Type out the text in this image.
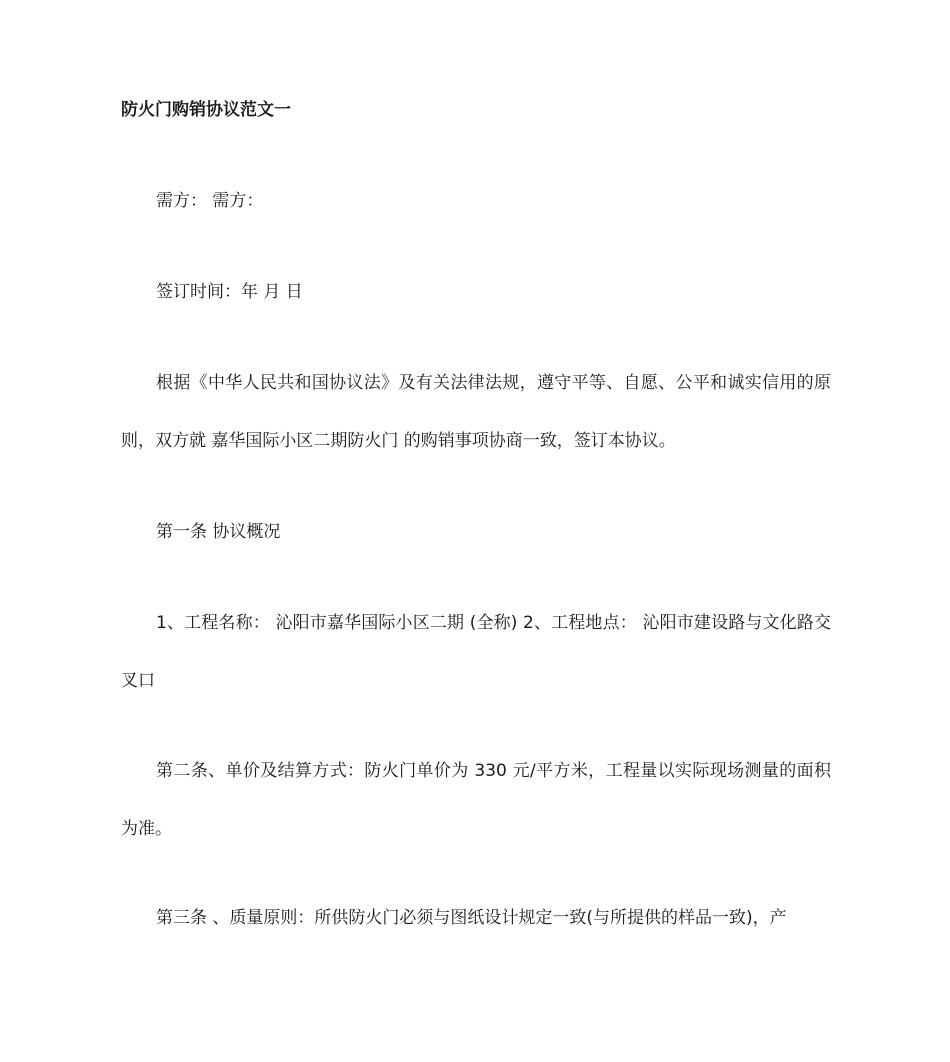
防火门购销协议范文一

需方： 需方：

签订时间：年 月 日

根据《中华人民共和国协议法》及有关法律法规，遵守平等、自愿、公平和诚实信用的原则，双方就 嘉华国际小区二期防火门 的购销事项协商一致，签订本协议。

第一条 协议概况

1、工程名称： 沁阳市嘉华国际小区二期 (全称) 2、工程地点： 沁阳市建设路与文化路交叉口

第二条、单价及结算方式：防火门单价为 330 元/平方米，工程量以实际现场测量的面积为准。

第三条 、质量原则：所供防火门必须与图纸设计规定一致(与所提供的样品一致)，产
